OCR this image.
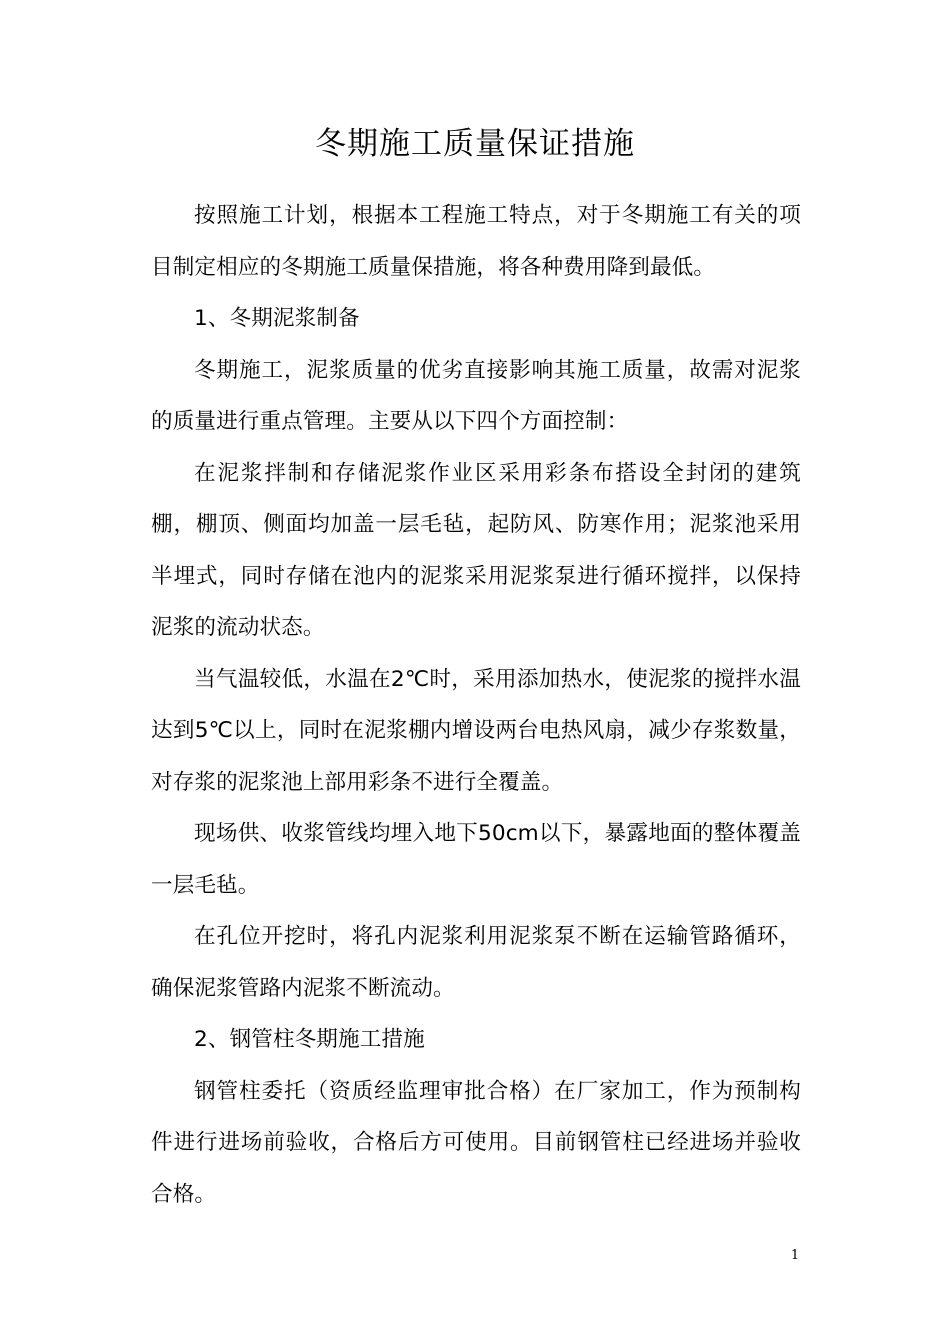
冬期施工质量保证措施

按照施工计划，根据本工程施工特点，对于冬期施工有关的项目制定相应的冬期施工质量保措施，将各种费用降到最低。

1、冬期泥浆制备

冬期施工，泥浆质量的优劣直接影响其施工质量，故需对泥浆的质量进行重点管理。主要从以下四个方面控制：

在泥浆拌制和存储泥浆作业区采用彩条布搭设全封闭的建筑棚，棚顶、侧面均加盖一层毛毡，起防风、防寒作用；泥浆池采用半埋式，同时存储在池内的泥浆采用泥浆泵进行循环搅拌，以保持泥浆的流动状态。

当气温较低，水温在2℃时，采用添加热水，使泥浆的搅拌水温达到5℃以上，同时在泥浆棚内增设两台电热风扇，减少存浆数量，对存浆的泥浆池上部用彩条不进行全覆盖。

现场供、收浆管线均埋入地下50cm以下，暴露地面的整体覆盖一层毛毡。

在孔位开挖时，将孔内泥浆利用泥浆泵不断在运输管路循环，确保泥浆管路内泥浆不断流动。

2、钢管柱冬期施工措施

钢管柱委托（资质经监理审批合格）在厂家加工，作为预制构件进行进场前验收，合格后方可使用。目前钢管柱已经进场并验收合格。

1
